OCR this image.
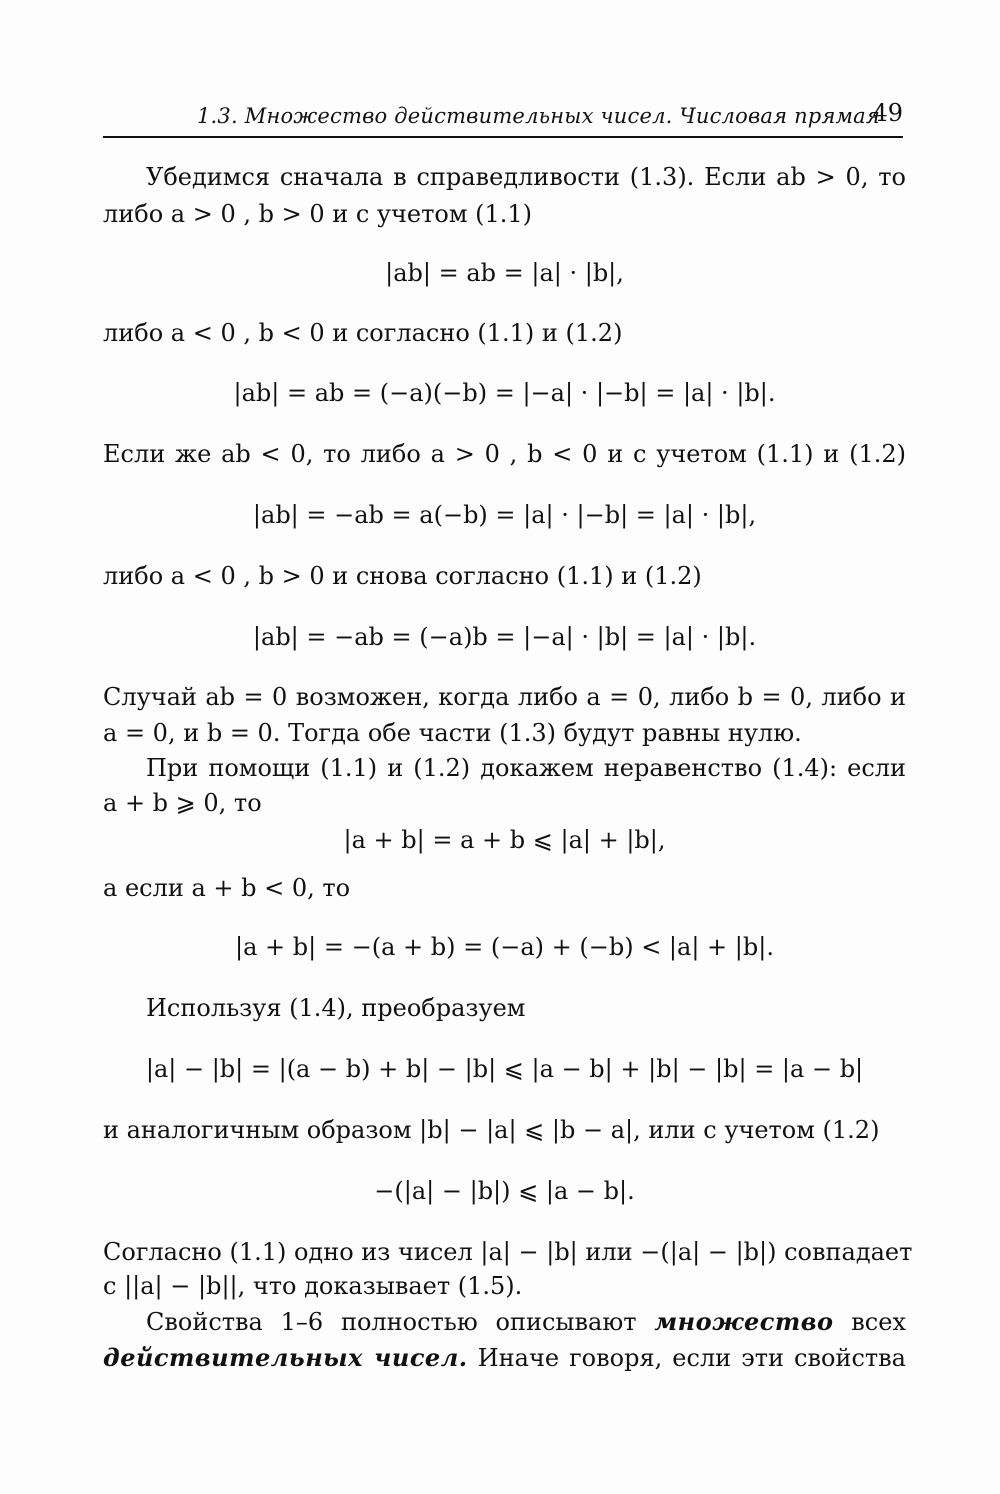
1.3. Множество действительных чисел. Числовая прямая
49

Убедимся сначала в справедливости (1.3). Если ab > 0, то

либо a > 0 , b > 0 и с учетом (1.1)

|ab| = ab = |a| · |b|,

либо a < 0 , b < 0 и согласно (1.1) и (1.2)

|ab| = ab = (−a)(−b) = |−a| · |−b| = |a| · |b|.

Если же ab < 0, то либо a > 0 , b < 0 и с учетом (1.1) и (1.2)

|ab| = −ab = a(−b) = |a| · |−b| = |a| · |b|,

либо a < 0 , b > 0 и снова согласно (1.1) и (1.2)

|ab| = −ab = (−a)b = |−a| · |b| = |a| · |b|.

Случай ab = 0 возможен, когда либо a = 0, либо b = 0, либо и

a = 0, и b = 0. Тогда обе части (1.3) будут равны нулю.

При помощи (1.1) и (1.2) докажем неравенство (1.4): если

a + b ⩾ 0, то

|a + b| = a + b ⩽ |a| + |b|,

а если a + b < 0, то

|a + b| = −(a + b) = (−a) + (−b) < |a| + |b|.

Используя (1.4), преобразуем

|a| − |b| = |(a − b) + b| − |b| ⩽ |a − b| + |b| − |b| = |a − b|

и аналогичным образом |b| − |a| ⩽ |b − a|, или с учетом (1.2)

−(|a| − |b|) ⩽ |a − b|.

Согласно (1.1) одно из чисел |a| − |b| или −(|a| − |b|) совпадает

с ||a| − |b||, что доказывает (1.5).

Свойства 1–6 полностью описывают множество всех

действительных чисел. Иначе говоря, если эти свойства
